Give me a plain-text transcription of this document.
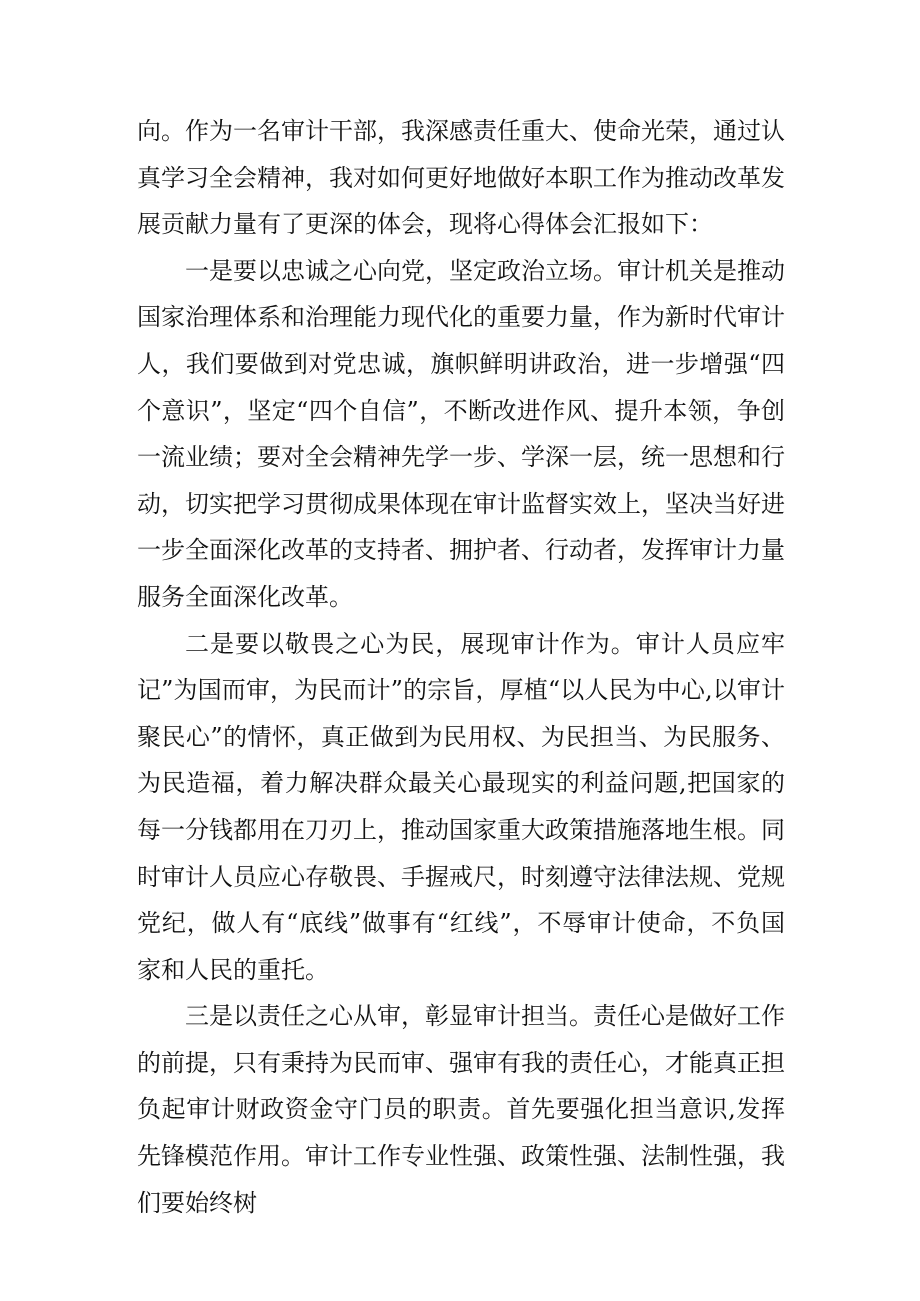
向。作为一名审计干部，我深感责任重大、使命光荣，通过认真学习全会精神，我对如何更好地做好本职工作为推动改革发展贡献力量有了更深的体会，现将心得体会汇报如下：

一是要以忠诚之心向党，坚定政治立场。审计机关是推动国家治理体系和治理能力现代化的重要力量，作为新时代审计人，我们要做到对党忠诚，旗帜鲜明讲政治，进一步增强“四个意识”，坚定“四个自信”，不断改进作风、提升本领，争创一流业绩；要对全会精神先学一步、学深一层，统一思想和行动，切实把学习贯彻成果体现在审计监督实效上，坚决当好进一步全面深化改革的支持者、拥护者、行动者，发挥审计力量服务全面深化改革。

二是要以敬畏之心为民，展现审计作为。审计人员应牢记”为国而审，为民而计”的宗旨，厚植“以人民为中心,以审计聚民心”的情怀，真正做到为民用权、为民担当、为民服务、为民造福，着力解决群众最关心最现实的利益问题,把国家的每一分钱都用在刀刃上，推动国家重大政策措施落地生根。同时审计人员应心存敬畏、手握戒尺，时刻遵守法律法规、党规党纪，做人有“底线”做事有“红线”，不辱审计使命，不负国家和人民的重托。

三是以责任之心从审，彰显审计担当。责任心是做好工作的前提，只有秉持为民而审、强审有我的责任心，才能真正担负起审计财政资金守门员的职责。首先要强化担当意识,发挥先锋模范作用。审计工作专业性强、政策性强、法制性强，我们要始终树
